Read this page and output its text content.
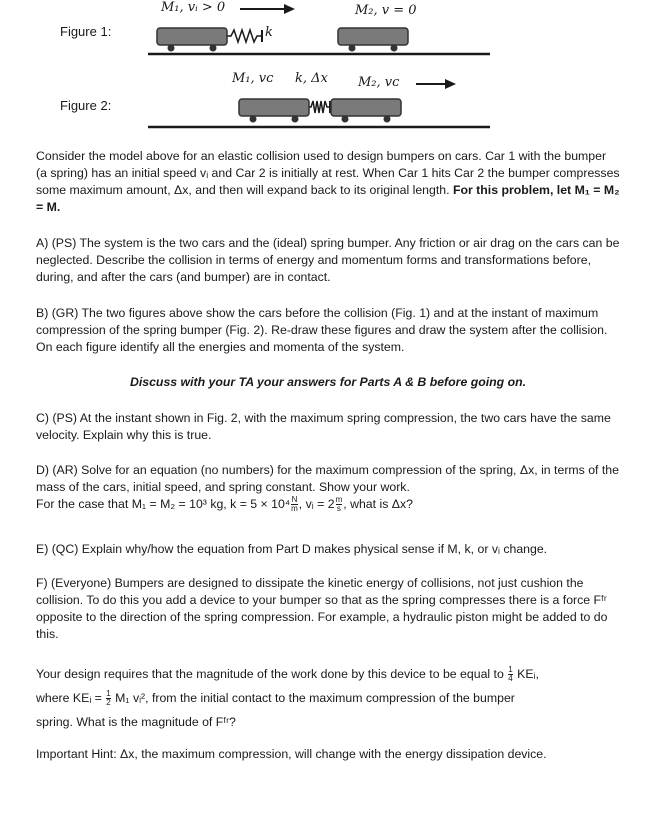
Figure 1:
M₁, vᵢ > 0	M₂, v = 0
k
Figure 2:
M₁, vᴄ k, Δx M₂, vᴄ

Consider the model above for an elastic collision used to design bumpers on cars. Car 1 with the bumper (a spring) has an initial speed vᵢ and Car 2 is initially at rest. When Car 1 hits Car 2 the bumper compresses some maximum amount, Δx, and then will expand back to its original length. For this problem, let M₁ = M₂ = M.

A) (PS) The system is the two cars and the (ideal) spring bumper. Any friction or air drag on the cars can be neglected. Describe the collision in terms of energy and momentum forms and transformations before, during, and after the cars (and bumper) are in contact.

B) (GR) The two figures above show the cars before the collision (Fig. 1) and at the instant of maximum compression of the spring bumper (Fig. 2). Re-draw these figures and draw the system after the collision. On each figure identify all the energies and momenta of the system.

Discuss with your TA your answers for Parts A & B before going on.

C) (PS) At the instant shown in Fig. 2, with the maximum spring compression, the two cars have the same velocity. Explain why this is true.

D) (AR) Solve for an equation (no numbers) for the maximum compression of the spring, Δx, in terms of the mass of the cars, initial speed, and spring constant. Show your work.
For the case that M₁ = M₂ = 10³ kg, $k = 5 \times 10^4 \frac{N}{m}$ , vᵢ = $2 \frac{m}{s}$ , what is Δx?

E) (QC) Explain why/how the equation from Part D makes physical sense if M, k, or vᵢ change.

F) (Everyone) Bumpers are designed to dissipate the kinetic energy of collisions, not just cushion the collision. To do this you add a device to your bumper so that as the spring compresses there is a force Fᶠʳ opposite to the direction of the spring compression. For example, a hydraulic piston might be added to do this.

Your design requires that the magnitude of the work done by this device to be equal to $\frac{1}{4}$ KEᵢ,
where KEᵢ = $\frac{1}{2} M_1$ vᵢ², from the initial contact to the maximum compression of the bumper
spring. What is the magnitude of Fᶠʳ?

Important Hint: Δx, the maximum compression, will change with the energy dissipation device.
